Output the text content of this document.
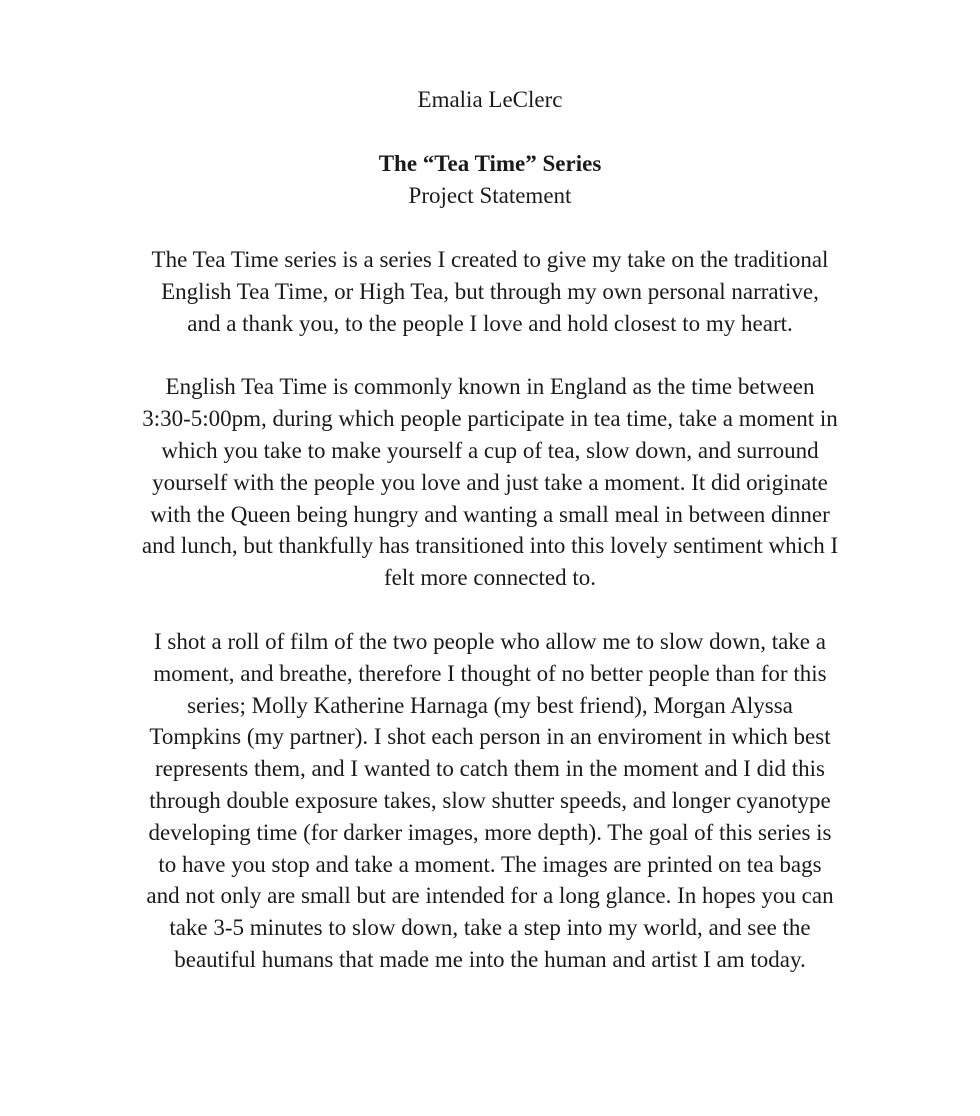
Emalia LeClerc

The “Tea Time” Series

Project Statement

The Tea Time series is a series I created to give my take on the traditional English Tea Time, or High Tea, but through my own personal narrative, and a thank you, to the people I love and hold closest to my heart.

English Tea Time is commonly known in England as the time between 3:30-5:00pm, during which people participate in tea time, take a moment in which you take to make yourself a cup of tea, slow down, and surround yourself with the people you love and just take a moment. It did originate with the Queen being hungry and wanting a small meal in between dinner and lunch, but thankfully has transitioned into this lovely sentiment which I felt more connected to.

I shot a roll of film of the two people who allow me to slow down, take a moment, and breathe, therefore I thought of no better people than for this series; Molly Katherine Harnaga (my best friend), Morgan Alyssa Tompkins (my partner). I shot each person in an enviroment in which best represents them, and I wanted to catch them in the moment and I did this through double exposure takes, slow shutter speeds, and longer cyanotype developing time (for darker images, more depth). The goal of this series is to have you stop and take a moment. The images are printed on tea bags and not only are small but are intended for a long glance. In hopes you can take 3-5 minutes to slow down, take a step into my world, and see the beautiful humans that made me into the human and artist I am today.
